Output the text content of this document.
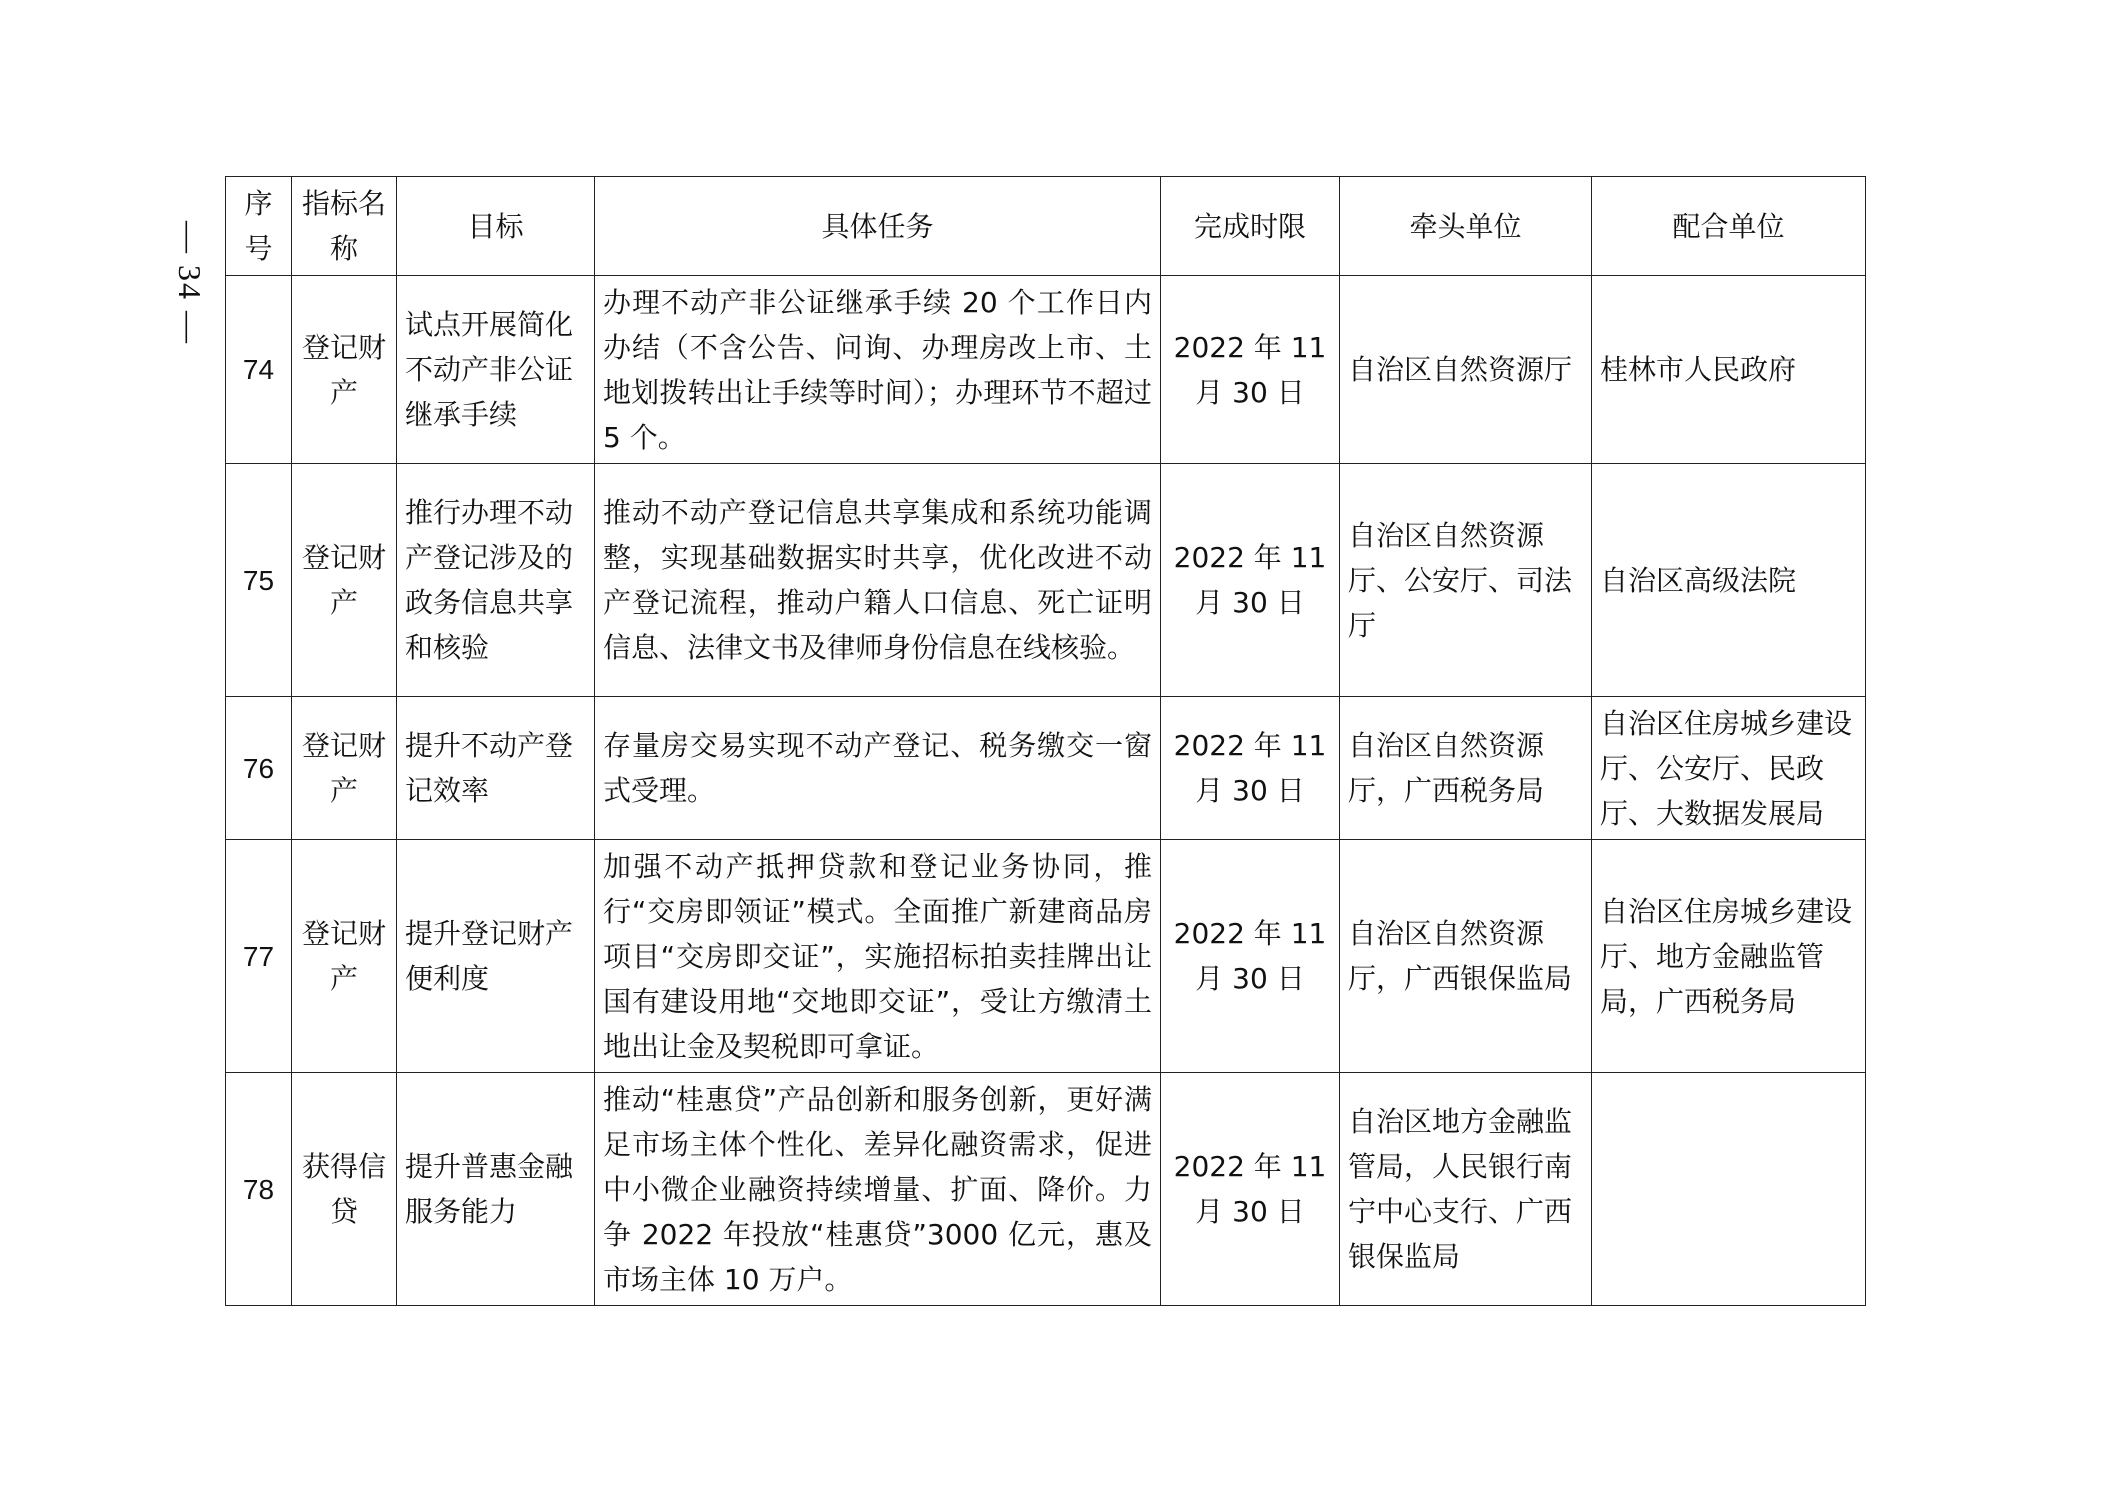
— 34 —
序号	指标名称	目标	具体任务	完成时限	牵头单位	配合单位
74	登记财产	试点开展简化不动产非公证继承手续	办理不动产非公证继承手续 20 个工作日内办结（不含公告、问询、办理房改上市、土地划拨转出让手续等时间）；办理环节不超过 5 个。	2022 年 11 月 30 日	自治区自然资源厅	桂林市人民政府
75	登记财产	推行办理不动产登记涉及的政务信息共享和核验	推动不动产登记信息共享集成和系统功能调整，实现基础数据实时共享，优化改进不动产登记流程，推动户籍人口信息、死亡证明信息、法律文书及律师身份信息在线核验。	2022 年 11 月 30 日	自治区自然资源厅、公安厅、司法厅	自治区高级法院
76	登记财产	提升不动产登记效率	存量房交易实现不动产登记、税务缴交一窗式受理。	2022 年 11 月 30 日	自治区自然资源厅，广西税务局	自治区住房城乡建设厅、公安厅、民政厅、大数据发展局
77	登记财产	提升登记财产便利度	加强不动产抵押贷款和登记业务协同，推行“交房即领证”模式。全面推广新建商品房项目“交房即交证”，实施招标拍卖挂牌出让国有建设用地“交地即交证”，受让方缴清土地出让金及契税即可拿证。	2022 年 11 月 30 日	自治区自然资源厅，广西银保监局	自治区住房城乡建设厅、地方金融监管局，广西税务局
78	获得信贷	提升普惠金融服务能力	推动“桂惠贷”产品创新和服务创新，更好满足市场主体个性化、差异化融资需求，促进中小微企业融资持续增量、扩面、降价。力争 2022 年投放“桂惠贷”3000 亿元，惠及市场主体 10 万户。	2022 年 11 月 30 日	自治区地方金融监管局，人民银行南宁中心支行、广西银保监局	
